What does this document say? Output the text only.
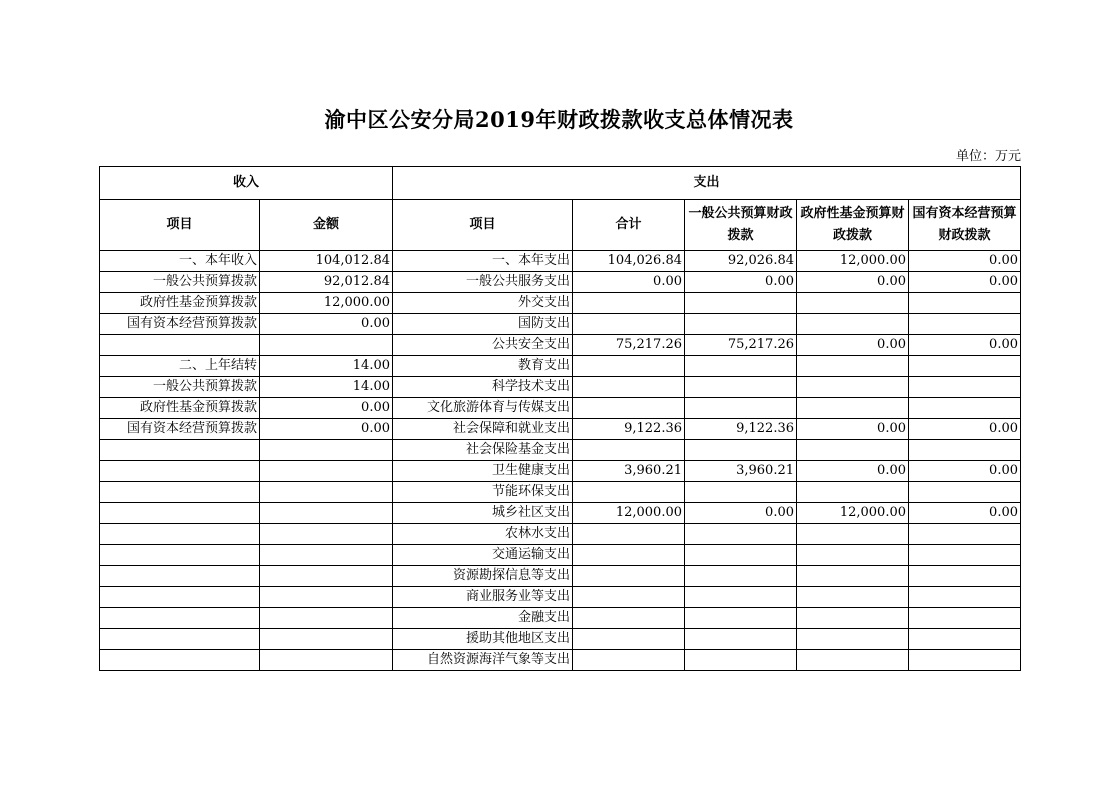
渝中区公安分局2019年财政拨款收支总体情况表
单位：万元
收入		支出				
项目	金额	项目	合计	一般公共预算财政拨款	政府性基金预算财政拨款	国有资本经营预算财政拨款
一、本年收入	104,012.84	一、本年支出	104,026.84	92,026.84	12,000.00	0.00
一般公共预算拨款	92,012.84	一般公共服务支出	0.00	0.00	0.00	0.00
政府性基金预算拨款	12,000.00	外交支出				
国有资本经营预算拨款	0.00	国防支出				
		公共安全支出	75,217.26	75,217.26	0.00	0.00
二、上年结转	14.00	教育支出				
一般公共预算拨款	14.00	科学技术支出				
政府性基金预算拨款	0.00	文化旅游体育与传媒支出				
国有资本经营预算拨款	0.00	社会保障和就业支出	9,122.36	9,122.36	0.00	0.00
		社会保险基金支出				
		卫生健康支出	3,960.21	3,960.21	0.00	0.00
		节能环保支出				
		城乡社区支出	12,000.00	0.00	12,000.00	0.00
		农林水支出				
		交通运输支出				
		资源勘探信息等支出				
		商业服务业等支出				
		金融支出				
		援助其他地区支出				
		自然资源海洋气象等支出				
